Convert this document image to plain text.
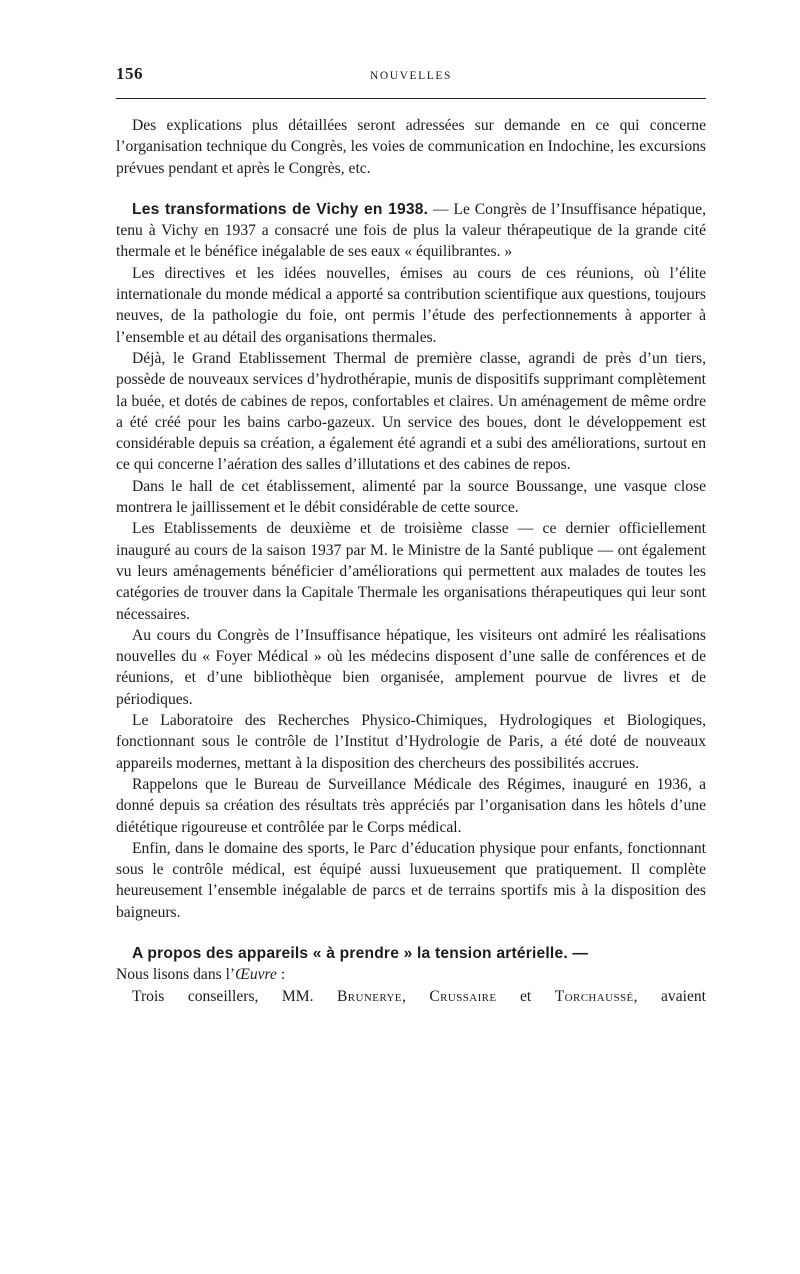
156	NOUVELLES

Des explications plus détaillées seront adressées sur demande en ce qui concerne l’organisation technique du Congrès, les voies de communication en Indochine, les excursions prévues pendant et après le Congrès, etc.

Les transformations de Vichy en 1938. — Le Congrès de l’Insuffisance hépatique, tenu à Vichy en 1937 a consacré une fois de plus la valeur thérapeutique de la grande cité thermale et le bénéfice inégalable de ses eaux « équilibrantes. »

Les directives et les idées nouvelles, émises au cours de ces réunions, où l’élite internationale du monde médical a apporté sa contribution scientifique aux questions, toujours neuves, de la pathologie du foie, ont permis l’étude des perfectionnements à apporter à l’ensemble et au détail des organisations thermales.

Déjà, le Grand Etablissement Thermal de première classe, agrandi de près d’un tiers, possède de nouveaux services d’hydrothérapie, munis de dispositifs supprimant complètement la buée, et dotés de cabines de repos, confortables et claires. Un aménagement de même ordre a été créé pour les bains carbo-gazeux. Un service des boues, dont le développement est considérable depuis sa création, a également été agrandi et a subi des améliorations, surtout en ce qui concerne l’aération des salles d’illutations et des cabines de repos.

Dans le hall de cet établissement, alimenté par la source Boussange, une vasque close montrera le jaillissement et le débit considérable de cette source.

Les Etablissements de deuxième et de troisième classe — ce dernier officiellement inauguré au cours de la saison 1937 par M. le Ministre de la Santé publique — ont également vu leurs aménagements bénéficier d’améliorations qui permettent aux malades de toutes les catégories de trouver dans la Capitale Thermale les organisations thérapeutiques qui leur sont nécessaires.

Au cours du Congrès de l’Insuffisance hépatique, les visiteurs ont admiré les réalisations nouvelles du « Foyer Médical » où les médecins disposent d’une salle de conférences et de réunions, et d’une bibliothèque bien organisée, amplement pourvue de livres et de périodiques.

Le Laboratoire des Recherches Physico-Chimiques, Hydrologiques et Biologiques, fonctionnant sous le contrôle de l’Institut d’Hydrologie de Paris, a été doté de nouveaux appareils modernes, mettant à la disposition des chercheurs des possibilités accrues.

Rappelons que le Bureau de Surveillance Médicale des Régimes, inauguré en 1936, a donné depuis sa création des résultats très appréciés par l’organisation dans les hôtels d’une diététique rigoureuse et contrôlée par le Corps médical.

Enfin, dans le domaine des sports, le Parc d’éducation physique pour enfants, fonctionnant sous le contrôle médical, est équipé aussi luxueusement que pratiquement. Il complète heureusement l’ensemble inégalable de parcs et de terrains sportifs mis à la disposition des baigneurs.

A propos des appareils « à prendre » la tension artérielle. —

Nous lisons dans l’Œuvre :

Trois conseillers, MM. Brunerye, Crussaire et Torchaussé, avaient
